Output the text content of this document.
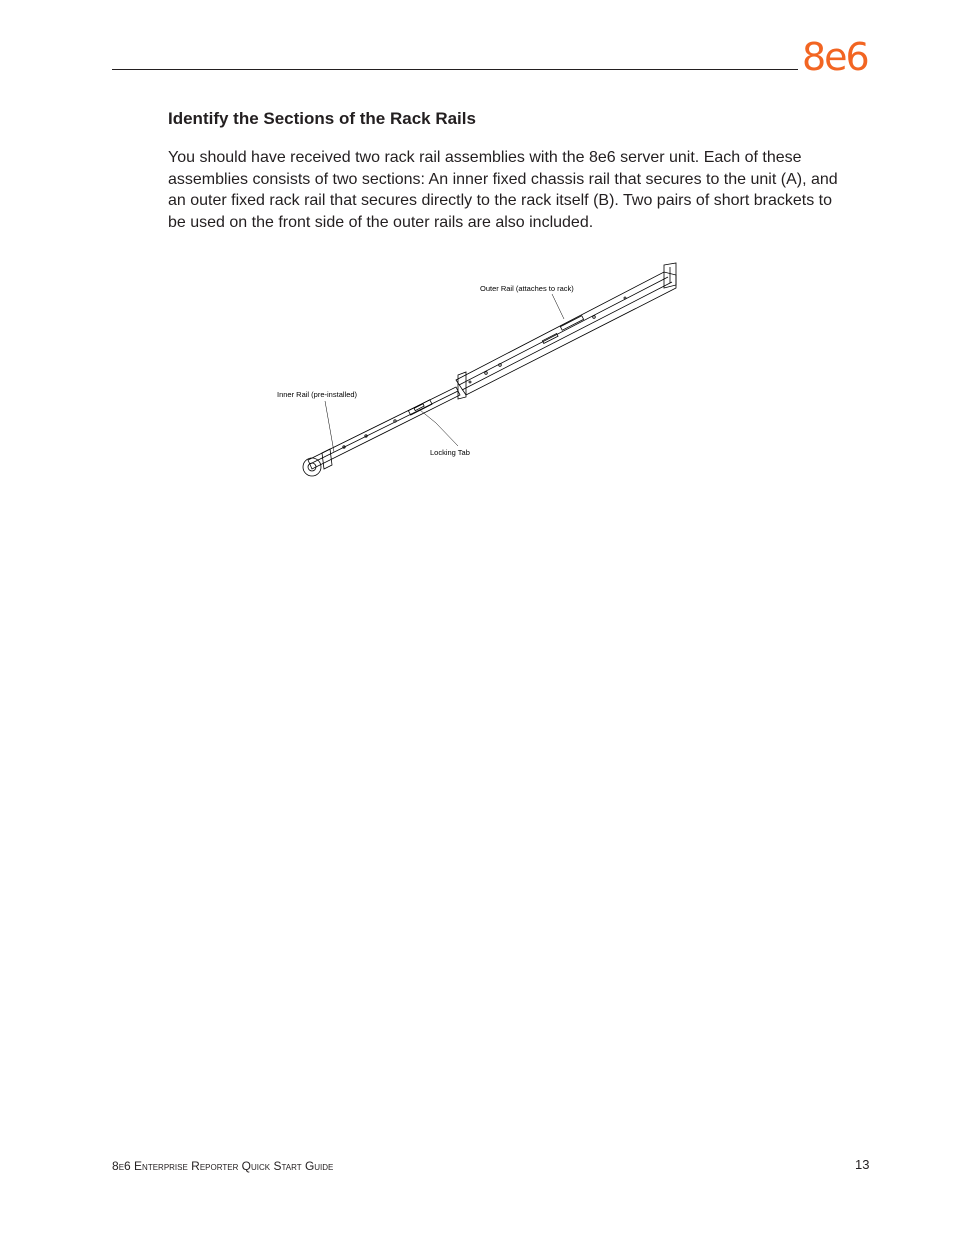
8e6
Identify the Sections of the Rack Rails

You should have received two rack rail assemblies with the 8e6 server unit. Each of these assemblies consists of two sections: An inner fixed chassis rail that secures to the unit (A), and an outer fixed rack rail that secures directly to the rack itself (B). Two pairs of short brackets to be used on the front side of the outer rails are also included.

Outer Rail (attaches to rack)
Inner Rail (pre-installed)
Locking Tab
8e6 Enterprise Reporter Quick Start Guide	13
